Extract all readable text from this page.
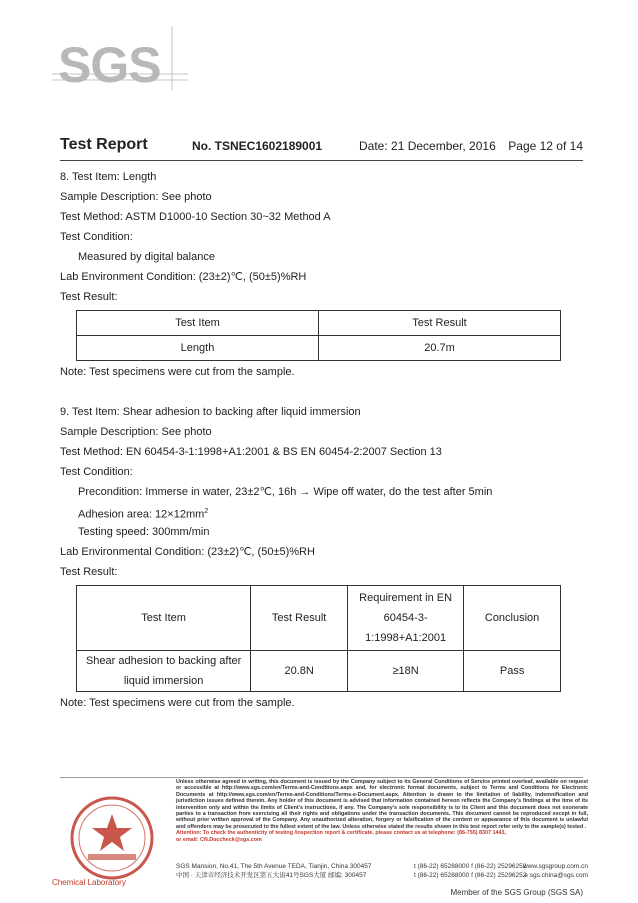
SGS
Test Report	No. TSNEC1602189001	Date: 21 December, 2016 Page 12 of 14
8. Test Item: Length
Sample Description: See photo
Test Method: ASTM D1000-10 Section 30~32 Method A
Test Condition:
Measured by digital balance
Lab Environment Condition: (23±2)℃, (50±5)%RH
Test Result:
Test Item	Test Result
Length	20.7m
Note: Test specimens were cut from the sample.
9. Test Item: Shear adhesion to backing after liquid immersion
Sample Description: See photo
Test Method: EN 60454-3-1:1998+A1:2001 & BS EN 60454-2:2007 Section 13
Test Condition:
Precondition: Immerse in water, 23±2℃, 16h → Wipe off water, do the test after 5min
Adhesion area: $12\times 12mm^2$
Testing speed: 300mm/min
Lab Environmental Condition: (23±2)℃, (50±5)%RH
Test Result:
Test Item	Test Result	Requirement in EN
60454-3-
1:1998+A1:2001	Conclusion

Shear adhesion to backing after
liquid immersion	20.8N	≥18N	Pass
Note: Test specimens were cut from the sample.
Unless otherwise agreed in writing, this document is issued by the Company subject to its General Conditions of Service printed overleaf, available on request or accessible at http://www.sgs.com/en/Terms-and-Conditions.aspx and, for electronic format documents, subject to Terms and Conditions for Electronic Documents at http://www.sgs.com/en/Terms-and-Conditions/Terms-e-Document.aspx. Attention is drawn to the limitation of liability, indemnification and jurisdiction issues defined therein. Any holder of this document is advised that information contained hereon reflects the Company's findings at the time of its intervention only and within the limits of Client's instructions, if any. The Company's sole responsibility is to its Client and this document does not exonerate parties to a transaction from exercising all their rights and obligations under the transaction documents. This document cannot be reproduced except in full, without prior written approval of the Company. Any unauthorized alteration, forgery or falsification of the content or appearance of this document is unlawful and offenders may be prosecuted to the fullest extent of the law. Unless otherwise stated the results shown in this test report refer only to the sample(s) tested .
Attention: To check the authenticity of testing /inspection report & certificate, please contact us at telephone: (86-755) 8307 1443,
or email: CN.Doccheck@sgs.com
SGS Mansion, No.41, The 5th Avenue TEDA, Tianjin, China 300457	t (86-22) 65288000 f (86-22) 25296252
www.sgsgroup.com.cn
中国 · 天津市经济技术开发区第五大街41号SGS大厦 邮编: 300457	t (86-22) 65288000 f (86-22) 25296252
e sgs.china@sgs.com
Chemical Laboratory
Member of the SGS Group (SGS SA)
